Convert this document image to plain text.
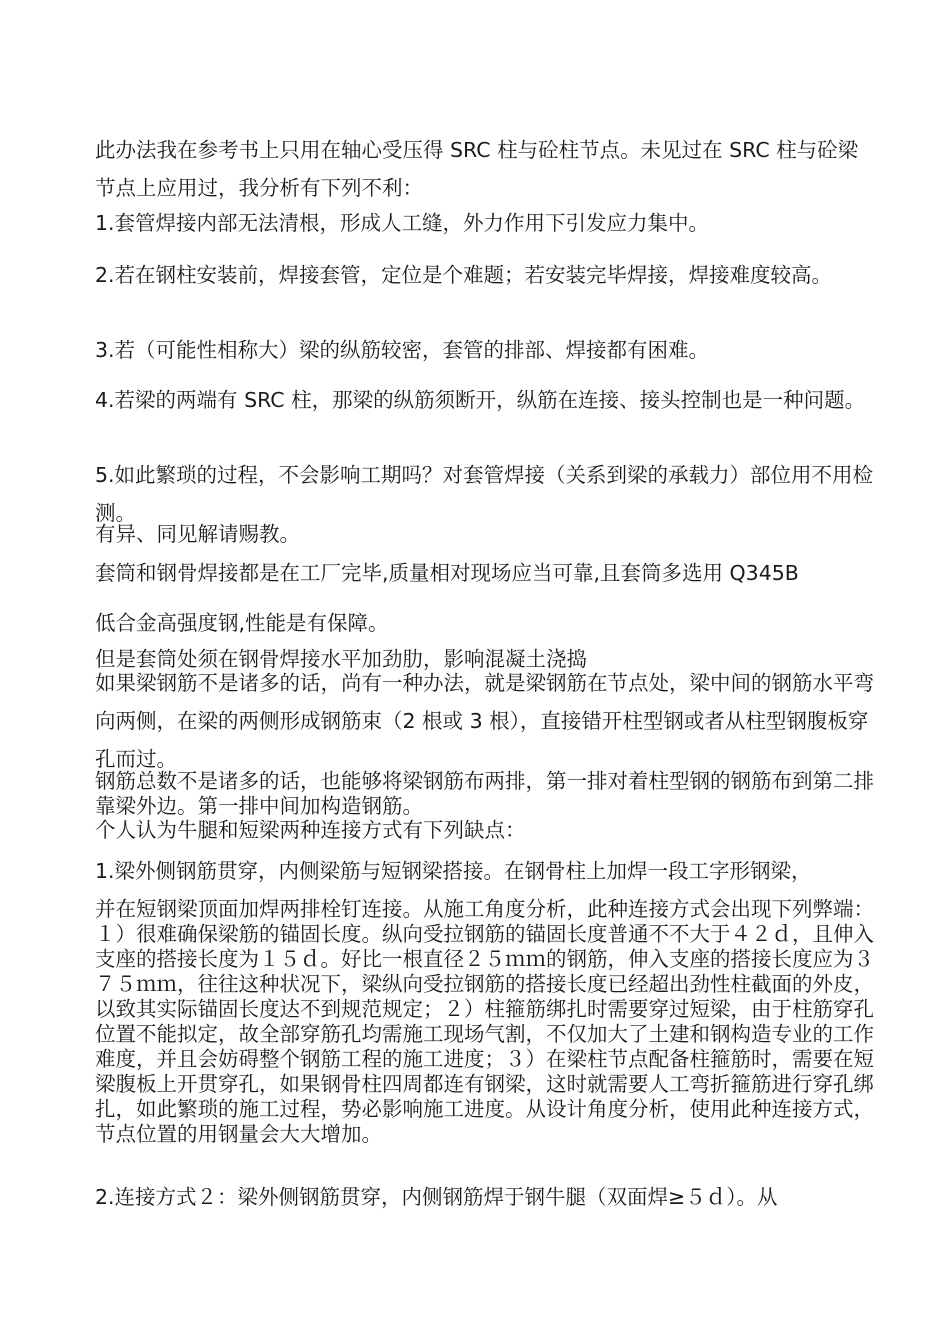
此办法我在参考书上只用在轴心受压得 SRC 柱与砼柱节点。未见过在 SRC 柱与砼梁节点上应用过，我分析有下列不利：

1.套管焊接内部无法清根，形成人工缝，外力作用下引发应力集中。

2.若在钢柱安装前，焊接套管，定位是个难题；若安装完毕焊接，焊接难度较高。

3.若（可能性相称大）梁的纵筋较密，套管的排部、焊接都有困难。

4.若梁的两端有 SRC 柱，那梁的纵筋须断开，纵筋在连接、接头控制也是一种问题。

5.如此繁琐的过程，不会影响工期吗？对套管焊接（关系到梁的承载力）部位用不用检测。

有异、同见解请赐教。

套筒和钢骨焊接都是在工厂完毕,质量相对现场应当可靠,且套筒多选用 Q345B

低合金高强度钢,性能是有保障。

但是套筒处须在钢骨焊接水平加劲肋，影响混凝土浇捣

如果梁钢筋不是诸多的话，尚有一种办法，就是梁钢筋在节点处，梁中间的钢筋水平弯向两侧，在梁的两侧形成钢筋束（2 根或 3 根），直接错开柱型钢或者从柱型钢腹板穿孔而过。

钢筋总数不是诸多的话，也能够将梁钢筋布两排，第一排对着柱型钢的钢筋布到第二排靠梁外边。第一排中间加构造钢筋。

个人认为牛腿和短梁两种连接方式有下列缺点：

1.梁外侧钢筋贯穿，内侧梁筋与短钢梁搭接。在钢骨柱上加焊一段工字形钢梁，

并在短钢梁顶面加焊两排栓钉连接。从施工角度分析，此种连接方式会出现下列弊端：１）很难确保梁筋的锚固长度。纵向受拉钢筋的锚固长度普通不不大于４２ｄ，且伸入支座的搭接长度为１５ｄ。好比一根直径２５ｍｍ的钢筋，伸入支座的搭接长度应为３７５ｍｍ，往往这种状况下，梁纵向受拉钢筋的搭接长度已经超出劲性柱截面的外皮，以致其实际锚固长度达不到规范规定；２）柱箍筋绑扎时需要穿过短梁，由于柱筋穿孔位置不能拟定，故全部穿筋孔均需施工现场气割，不仅加大了土建和钢构造专业的工作难度，并且会妨碍整个钢筋工程的施工进度；３）在梁柱节点配备柱箍筋时，需要在短梁腹板上开贯穿孔，如果钢骨柱四周都连有钢梁，这时就需要人工弯折箍筋进行穿孔绑扎，如此繁琐的施工过程，势必影响施工进度。从设计角度分析，使用此种连接方式，节点位置的用钢量会大大增加。

2.连接方式２：梁外侧钢筋贯穿，内侧钢筋焊于钢牛腿（双面焊≥５ｄ）。从
